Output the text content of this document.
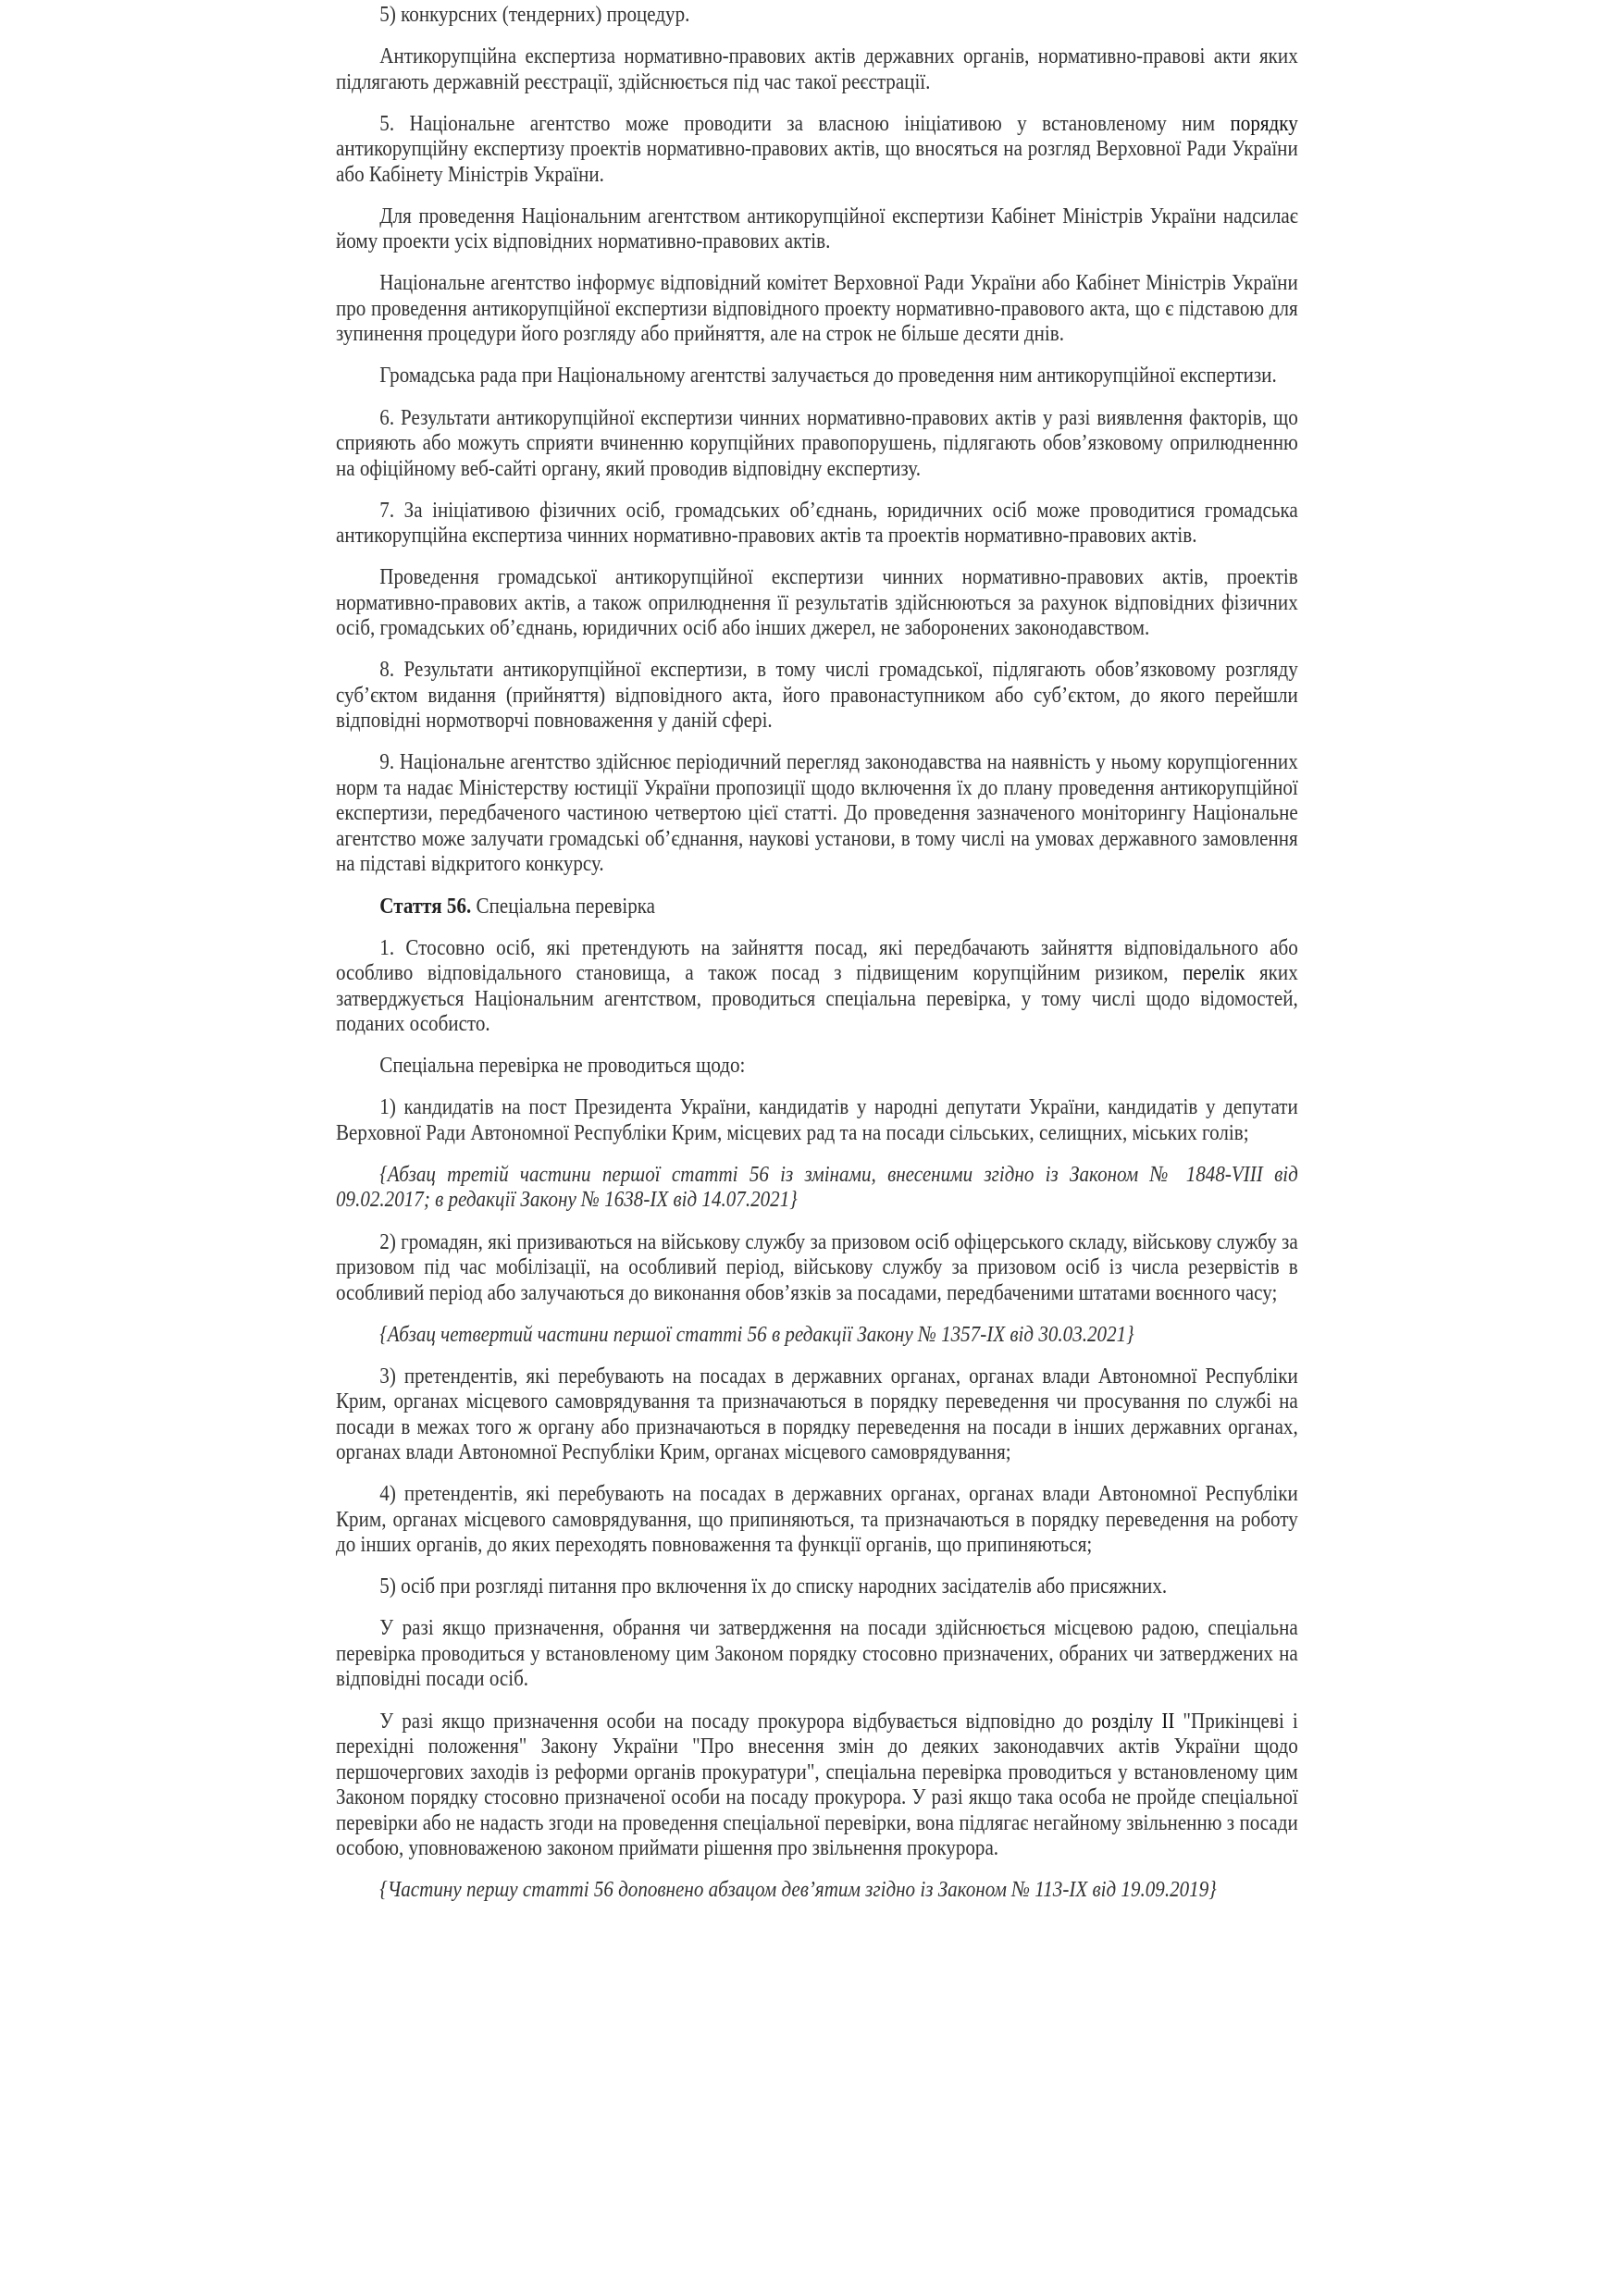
5) конкурсних (тендерних) процедур.

Антикорупційна експертиза нормативно-правових актів державних органів, нормативно-правові акти яких підлягають державній реєстрації, здійснюється під час такої реєстрації.

5. Національне агентство може проводити за власною ініціативою у встановленому ним порядку антикорупційну експертизу проектів нормативно-правових актів, що вносяться на розгляд Верховної Ради України або Кабінету Міністрів України.

Для проведення Національним агентством антикорупційної експертизи Кабінет Міністрів України надсилає йому проекти усіх відповідних нормативно-правових актів.

Національне агентство інформує відповідний комітет Верховної Ради України або Кабінет Міністрів України про проведення антикорупційної експертизи відповідного проекту нормативно-правового акта, що є підставою для зупинення процедури його розгляду або прийняття, але на строк не більше десяти днів.

Громадська рада при Національному агентстві залучається до проведення ним антикорупційної експертизи.

6. Результати антикорупційної експертизи чинних нормативно-правових актів у разі виявлення факторів, що сприяють або можуть сприяти вчиненню корупційних правопорушень, підлягають обов’язковому оприлюдненню на офіційному веб-сайті органу, який проводив відповідну експертизу.

7. За ініціативою фізичних осіб, громадських об’єднань, юридичних осіб може проводитися громадська антикорупційна експертиза чинних нормативно-правових актів та проектів нормативно-правових актів.

Проведення громадської антикорупційної експертизи чинних нормативно-правових актів, проектів нормативно-правових актів, а також оприлюднення її результатів здійснюються за рахунок відповідних фізичних осіб, громадських об’єднань, юридичних осіб або інших джерел, не заборонених законодавством.

8. Результати антикорупційної експертизи, в тому числі громадської, підлягають обов’язковому розгляду суб’єктом видання (прийняття) відповідного акта, його правонаступником або суб’єктом, до якого перейшли відповідні нормотворчі повноваження у даній сфері.

9. Національне агентство здійснює періодичний перегляд законодавства на наявність у ньому корупціогенних норм та надає Міністерству юстиції України пропозиції щодо включення їх до плану проведення антикорупційної експертизи, передбаченого частиною четвертою цієї статті. До проведення зазначеного моніторингу Національне агентство може залучати громадські об’єднання, наукові установи, в тому числі на умовах державного замовлення на підставі відкритого конкурсу.

Стаття 56. Спеціальна перевірка

1. Стосовно осіб, які претендують на зайняття посад, які передбачають зайняття відповідального або особливо відповідального становища, а також посад з підвищеним корупційним ризиком, перелік яких затверджується Національним агентством, проводиться спеціальна перевірка, у тому числі щодо відомостей, поданих особисто.

Спеціальна перевірка не проводиться щодо:

1) кандидатів на пост Президента України, кандидатів у народні депутати України, кандидатів у депутати Верховної Ради Автономної Республіки Крим, місцевих рад та на посади сільських, селищних, міських голів;

{Абзац третій частини першої статті 56 із змінами, внесеними згідно із Законом № 1848-VIII від 09.02.2017; в редакції Закону № 1638-IX від 14.07.2021}

2) громадян, які призиваються на військову службу за призовом осіб офіцерського складу, військову службу за призовом під час мобілізації, на особливий період, військову службу за призовом осіб із числа резервістів в особливий період або залучаються до виконання обов’язків за посадами, передбаченими штатами воєнного часу;

{Абзац четвертий частини першої статті 56 в редакції Закону № 1357-IX від 30.03.2021}

3) претендентів, які перебувають на посадах в державних органах, органах влади Автономної Республіки Крим, органах місцевого самоврядування та призначаються в порядку переведення чи просування по службі на посади в межах того ж органу або призначаються в порядку переведення на посади в інших державних органах, органах влади Автономної Республіки Крим, органах місцевого самоврядування;

4) претендентів, які перебувають на посадах в державних органах, органах влади Автономної Республіки Крим, органах місцевого самоврядування, що припиняються, та призначаються в порядку переведення на роботу до інших органів, до яких переходять повноваження та функції органів, що припиняються;

5) осіб при розгляді питання про включення їх до списку народних засідателів або присяжних.

У разі якщо призначення, обрання чи затвердження на посади здійснюється місцевою радою, спеціальна перевірка проводиться у встановленому цим Законом порядку стосовно призначених, обраних чи затверджених на відповідні посади осіб.

У разі якщо призначення особи на посаду прокурора відбувається відповідно до розділу II "Прикінцеві і перехідні положення" Закону України "Про внесення змін до деяких законодавчих актів України щодо першочергових заходів із реформи органів прокуратури", спеціальна перевірка проводиться у встановленому цим Законом порядку стосовно призначеної особи на посаду прокурора. У разі якщо така особа не пройде спеціальної перевірки або не надасть згоди на проведення спеціальної перевірки, вона підлягає негайному звільненню з посади особою, уповноваженою законом приймати рішення про звільнення прокурора.

{Частину першу статті 56 доповнено абзацом дев’ятим згідно із Законом № 113-IX від 19.09.2019}
